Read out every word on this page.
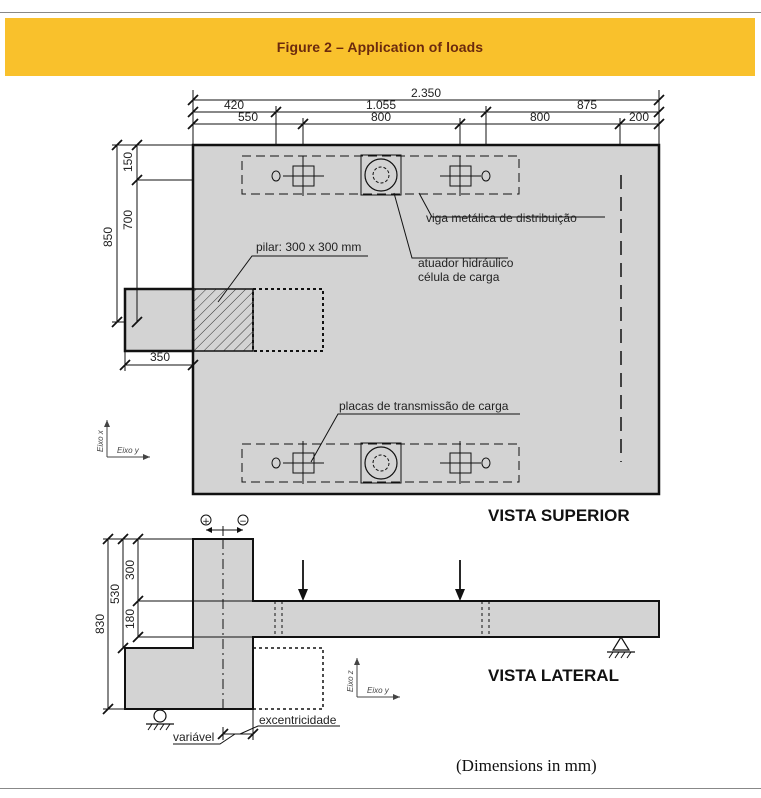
Figure 2 – Application of loads
viga metálica de distribuição
atuador hidráulico
célula de carga
pilar: 300 x 300 mm
placas de transmissão de carga
Eixo y
Eixo x
2.350
420	1.055	875
550	800	800	200
850
150
700
350
VISTA SUPERIOR
+	−
excentricidade
variável
830
530
300
180
Eixo y
Eixo z	VISTA LATERAL
(Dimensions in mm)
